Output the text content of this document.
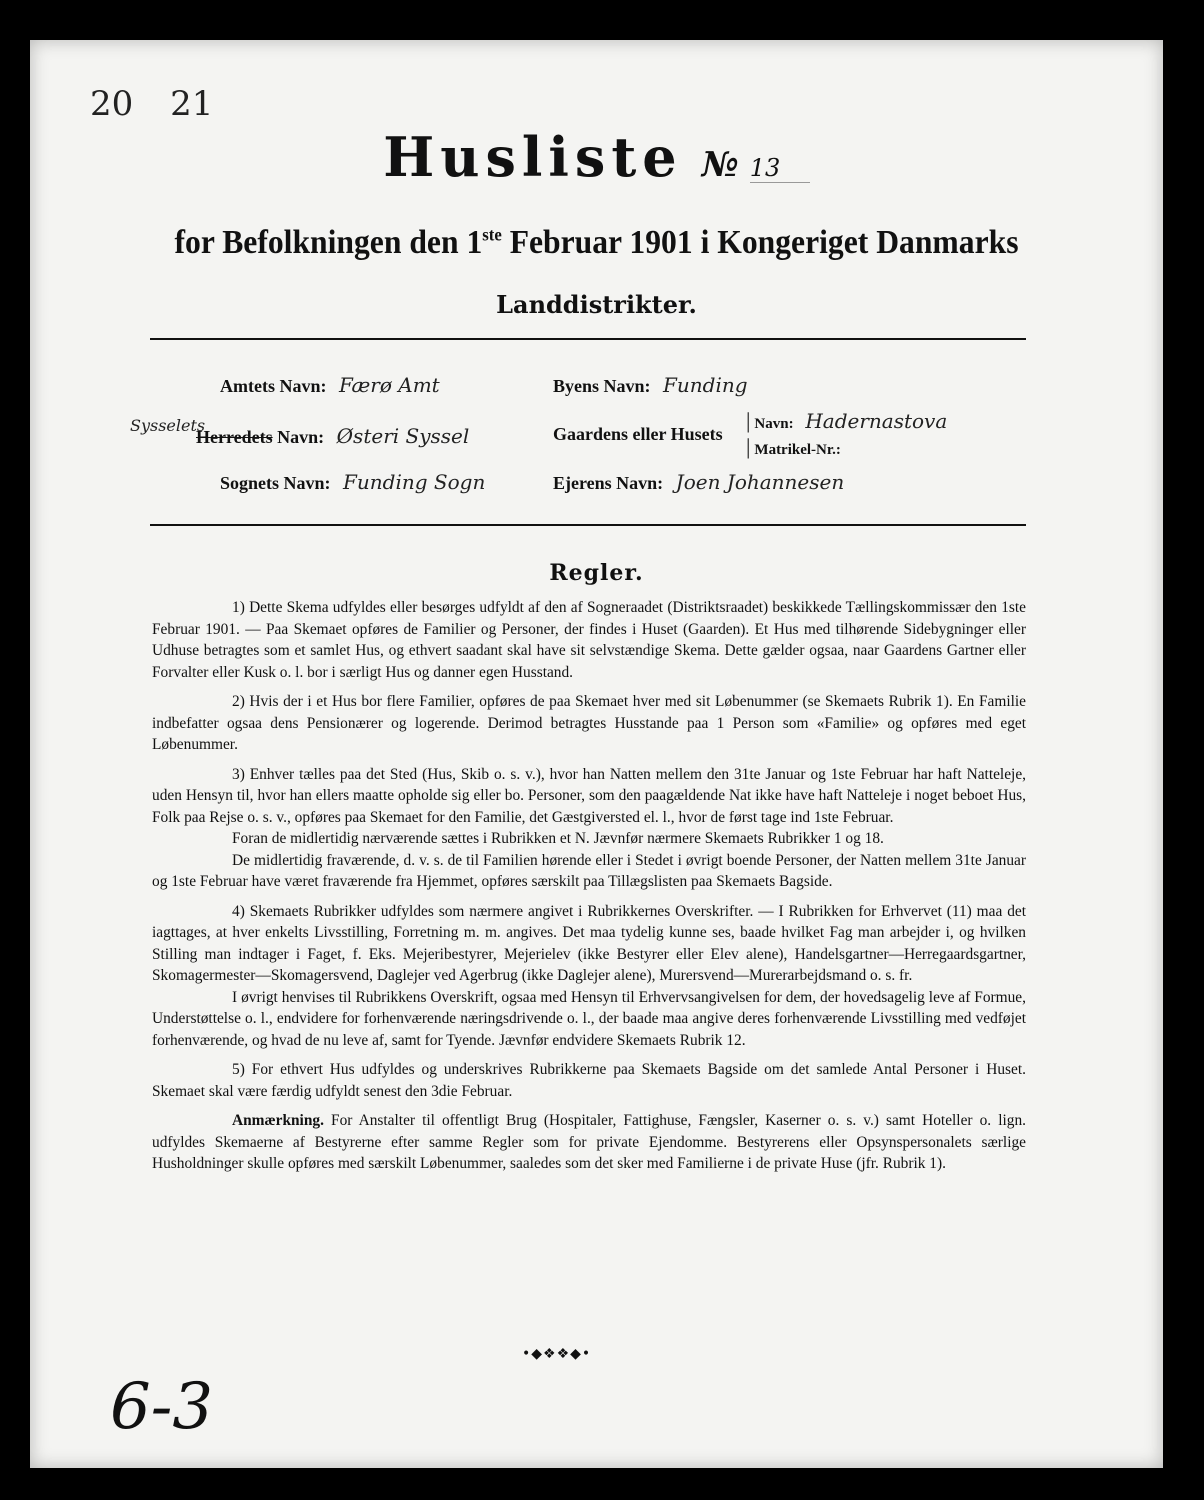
20 21
Husliste № 13
for Befolkningen den 1ste Februar 1901 i Kongeriget Danmarks
Landdistrikter.
Amtets Navn: Færø Amt	Byens Navn: Funding
Sysselets
Herredets Navn: Østeri Syssel	Gaardens eller Husets
| Navn: Hadernastova
| Matrikel-Nr.:
Sognets Navn: Funding Sogn	Ejerens Navn: Joen Johannesen
Regler.

1) Dette Skema udfyldes eller besørges udfyldt af den af Sogneraadet (Distriktsraadet) beskikkede Tællingskommissær den 1ste Februar 1901. — Paa Skemaet opføres de Familier og Personer, der findes i Huset (Gaarden). Et Hus med tilhørende Sidebygninger eller Udhuse betragtes som et samlet Hus, og ethvert saadant skal have sit selvstændige Skema. Dette gælder ogsaa, naar Gaardens Gartner eller Forvalter eller Kusk o. l. bor i særligt Hus og danner egen Husstand.

2) Hvis der i et Hus bor flere Familier, opføres de paa Skemaet hver med sit Løbenummer (se Skemaets Rubrik 1). En Familie indbefatter ogsaa dens Pensionærer og logerende. Derimod betragtes Husstande paa 1 Person som «Familie» og opføres med eget Løbenummer.

3) Enhver tælles paa det Sted (Hus, Skib o. s. v.), hvor han Natten mellem den 31te Januar og 1ste Februar har haft Natteleje, uden Hensyn til, hvor han ellers maatte opholde sig eller bo. Personer, som den paagældende Nat ikke have haft Natteleje i noget beboet Hus, Folk paa Rejse o. s. v., opføres paa Skemaet for den Familie, det Gæstgiversted el. l., hvor de først tage ind 1ste Februar.

Foran de midlertidig nærværende sættes i Rubrikken et N. Jævnfør nærmere Skemaets Rubrikker 1 og 18.

De midlertidig fraværende, d. v. s. de til Familien hørende eller i Stedet i øvrigt boende Personer, der Natten mellem 31te Januar og 1ste Februar have været fraværende fra Hjemmet, opføres særskilt paa Tillægslisten paa Skemaets Bagside.

4) Skemaets Rubrikker udfyldes som nærmere angivet i Rubrikkernes Overskrifter. — I Rubrikken for Erhvervet (11) maa det iagttages, at hver enkelts Livsstilling, Forretning m. m. angives. Det maa tydelig kunne ses, baade hvilket Fag man arbejder i, og hvilken Stilling man indtager i Faget, f. Eks. Mejeribestyrer, Mejerielev (ikke Bestyrer eller Elev alene), Handelsgartner—Herregaardsgartner, Skomagermester—Skomagersvend, Daglejer ved Agerbrug (ikke Daglejer alene), Murersvend—Murerarbejdsmand o. s. fr.

I øvrigt henvises til Rubrikkens Overskrift, ogsaa med Hensyn til Erhvervsangivelsen for dem, der hovedsagelig leve af Formue, Understøttelse o. l., endvidere for forhenværende næringsdrivende o. l., der baade maa angive deres forhenværende Livsstilling med vedføjet forhenværende, og hvad de nu leve af, samt for Tyende. Jævnfør endvidere Skemaets Rubrik 12.

5) For ethvert Hus udfyldes og underskrives Rubrikkerne paa Skemaets Bagside om det samlede Antal Personer i Huset. Skemaet skal være færdig udfyldt senest den 3die Februar.

Anmærkning. For Anstalter til offentligt Brug (Hospitaler, Fattighuse, Fængsler, Kaserner o. s. v.) samt Hoteller o. lign. udfyldes Skemaerne af Bestyrerne efter samme Regler som for private Ejendomme. Bestyrerens eller Opsynspersonalets særlige Husholdninger skulle opføres med særskilt Løbenummer, saaledes som det sker med Familierne i de private Huse (jfr. Rubrik 1).

•◆❖❖◆•
6-3
